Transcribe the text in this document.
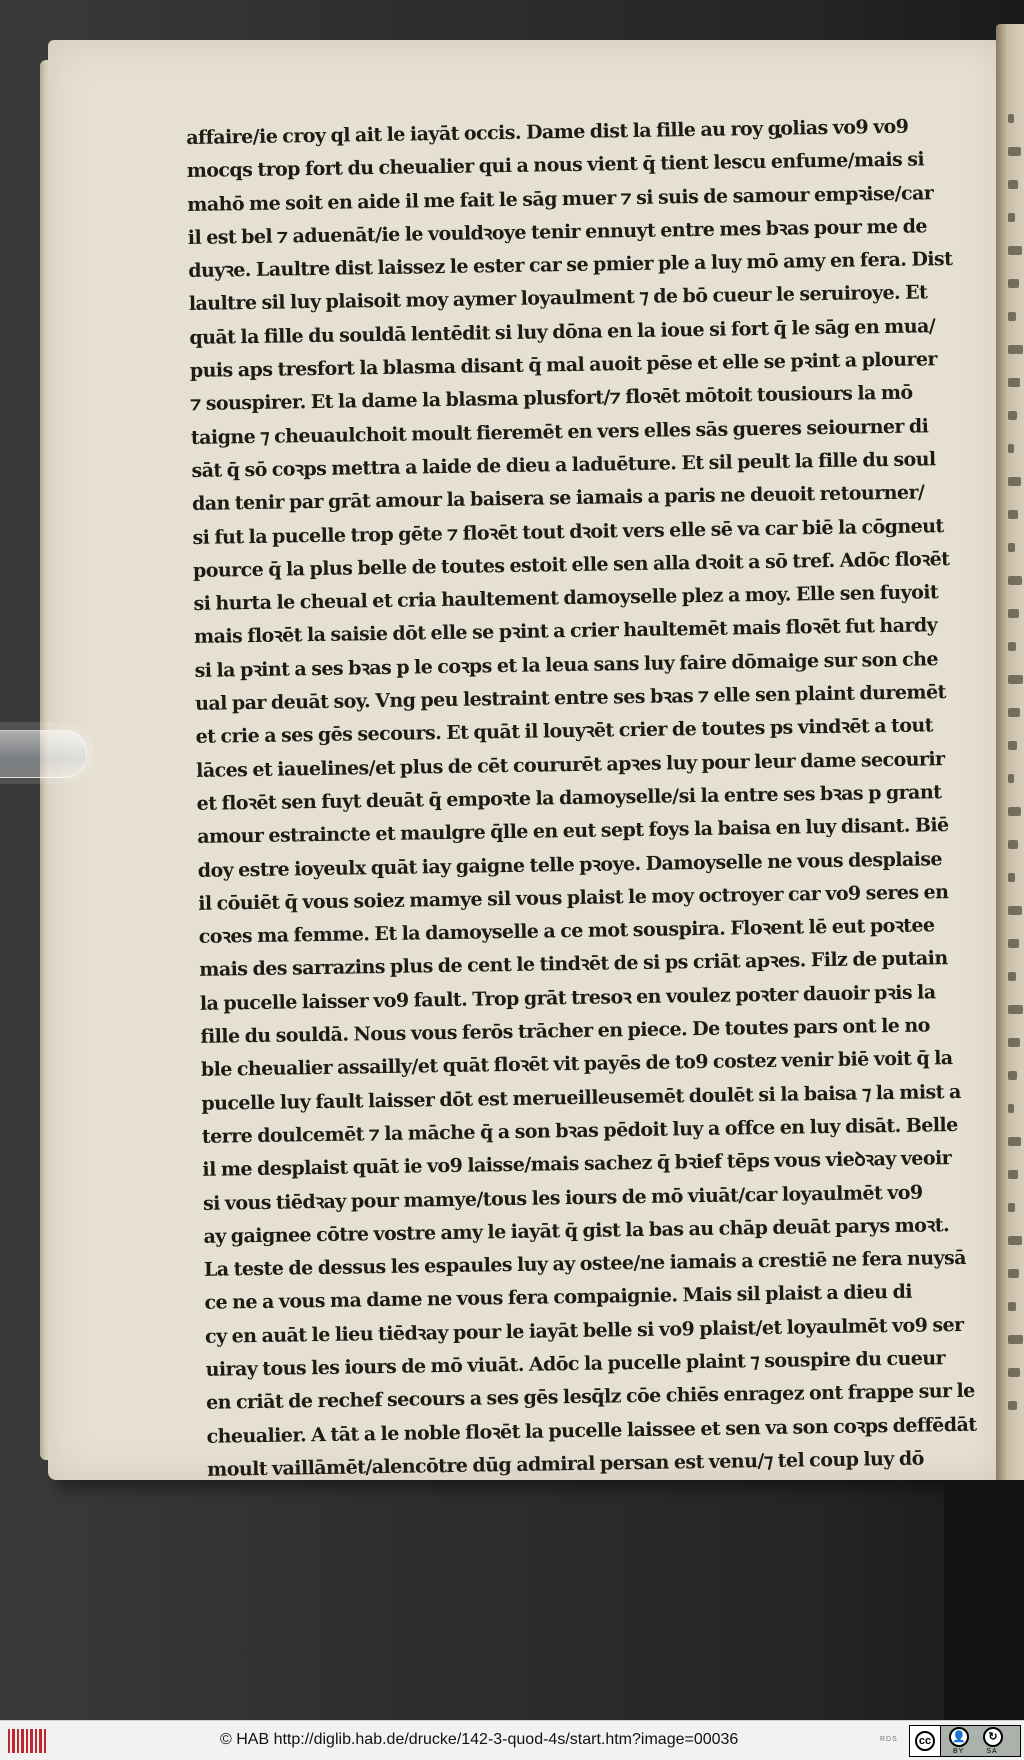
affaire/ie croy ql ait le iayāt occis. Dame dist la fille au roy golias vo9 vo9
mocqs trop fort du cheualier qui a nous vient q̄ tient lescu enfume/mais si
mahō me soit en aide il me fait le sāg muer ⁊ si suis de samour empꝛise/car
il est bel ⁊ aduenāt/ie le vouldꝛoye tenir ennuyt entre mes bꝛas pour me de
duyꝛe. Laultre dist laissez le ester car se pmier ple a luy mō amy en fera. Dist
laultre sil luy plaisoit moy aymer loyaulment ⁊ de bō cueur le seruiroye. Et
quāt la fille du souldā lentēdit si luy dōna en la ioue si fort q̄ le sāg en mua/
puis aps tresfort la blasma disant q̄ mal auoit pēse et elle se pꝛint a plourer
⁊ souspirer. Et la dame la blasma plusfort/⁊ floꝛēt mōtoit tousiours la mō
taigne ⁊ cheuaulchoit moult fieremēt en vers elles sās gueres seiourner di
sāt q̄ sō coꝛps mettra a laide de dieu a laduēture. Et sil peult la fille du soul
dan tenir par grāt amour la baisera se iamais a paris ne deuoit retourner/
si fut la pucelle trop gēte ⁊ floꝛēt tout dꝛoit vers elle sē va car biē la cōgneut
pource q̄ la plus belle de toutes estoit elle sen alla dꝛoit a sō tref. Adōc floꝛēt
si hurta le cheual et cria haultement damoyselle plez a moy. Elle sen fuyoit
mais floꝛēt la saisie dōt elle se pꝛint a crier haultemēt mais floꝛēt fut hardy
si la pꝛint a ses bꝛas p le coꝛps et la leua sans luy faire dōmaige sur son che
ual par deuāt soy. Vng peu lestraint entre ses bꝛas ⁊ elle sen plaint duremēt
et crie a ses gēs secours. Et quāt il louyꝛēt crier de toutes ps vindꝛēt a tout
lāces et iauelines/et plus de cēt coururēt apꝛes luy pour leur dame secourir
et floꝛēt sen fuyt deuāt q̄ empoꝛte la damoyselle/si la entre ses bꝛas p grant
amour estraincte et maulgre q̄lle en eut sept foys la baisa en luy disant. Biē
doy estre ioyeulx quāt iay gaigne telle pꝛoye. Damoyselle ne vous desplaise
il cōuiēt q̄ vous soiez mamye sil vous plaist le moy octroyer car vo9 seres en
coꝛes ma femme. Et la damoyselle a ce mot souspira. Floꝛent lē eut poꝛtee
mais des sarrazins plus de cent le tindꝛēt de si ps criāt apꝛes. Filz de putain
la pucelle laisser vo9 fault. Trop grāt tresoꝛ en voulez poꝛter dauoir pꝛis la
fille du souldā. Nous vous ferōs trācher en piece. De toutes pars ont le no
ble cheualier assailly/et quāt floꝛēt vit payēs de to9 costez venir biē voit q̄ la
pucelle luy fault laisser dōt est merueilleusemēt doulēt si la baisa ⁊ la mist a
terre doulcemēt ⁊ la māche q̄ a son bꝛas pēdoit luy a offce en luy disāt. Belle
il me desplaist quāt ie vo9 laisse/mais sachez q̄ bꝛief tēps vous vieꝺꝛay veoir
si vous tiēdꝛay pour mamye/tous les iours de mō viuāt/car loyaulmēt vo9
ay gaignee cōtre vostre amy le iayāt q̄ gist la bas au chāp deuāt parys moꝛt.
La teste de dessus les espaules luy ay ostee/ne iamais a crestiē ne fera nuysā
ce ne a vous ma dame ne vous fera compaignie. Mais sil plaist a dieu di
cy en auāt le lieu tiēdꝛay pour le iayāt belle si vo9 plaist/et loyaulmēt vo9 ser
uiray tous les iours de mō viuāt. Adōc la pucelle plaint ⁊ souspire du cueur
en criāt de rechef secours a ses gēs lesq̄lz cōe chiēs enragez ont frappe sur le
cheualier. A tāt a le noble floꝛēt la pucelle laissee et sen va son coꝛps deffēdāt
moult vaillāmēt/alencōtre dūg admiral persan est venu/⁊ tel coup luy dō
© HAB http://diglib.hab.de/drucke/142-3-quod-4s/start.htm?image=00036	RDS	cc	👤	↻
BY	SA
